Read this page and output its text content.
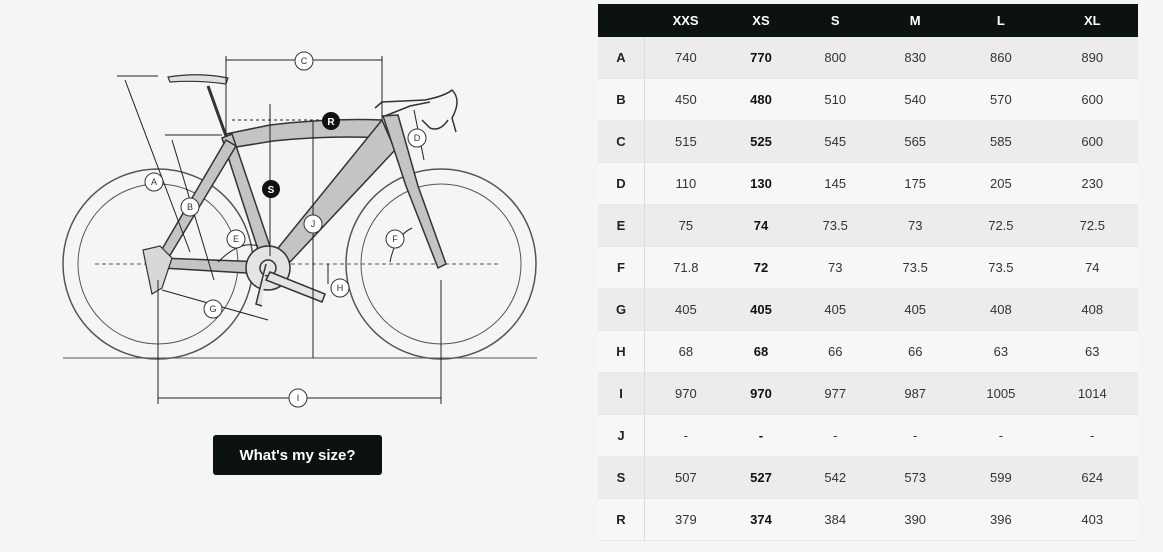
C
A
B
E
G
I
J
H
F
D
S
R
What's my size?
	XXS	XS	S	M	L	XL
A	740	770	800	830	860	890
B	450	480	510	540	570	600
C	515	525	545	565	585	600
D	110	130	145	175	205	230
E	75	74	73.5	73	72.5	72.5
F	71.8	72	73	73.5	73.5	74
G	405	405	405	405	408	408
H	68	68	66	66	63	63
I	970	970	977	987	1005	1014
J	-	-	-	-	-	-
S	507	527	542	573	599	624
R	379	374	384	390	396	403
